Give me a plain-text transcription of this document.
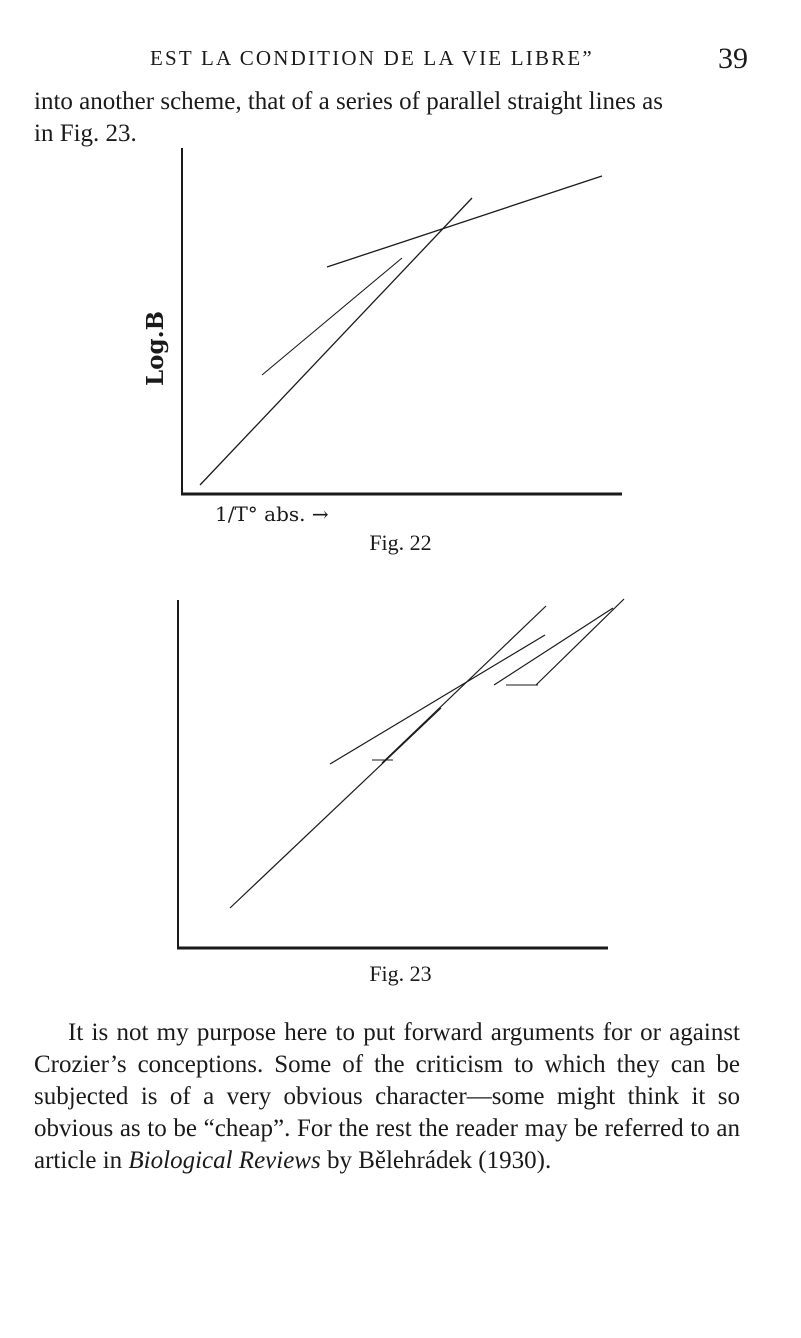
EST LA CONDITION DE LA VIE LIBRE”	39
into another scheme, that of a series of parallel straight lines as
in Fig. 23.
Log.B
1/T° abs. →
Fig. 22
Fig. 23
It is not my purpose here to put forward arguments for or against Crozier’s conceptions. Some of the criticism to which they can be subjected is of a very obvious character—some might think it so obvious as to be “cheap”. For the rest the reader may be referred to an article in Biological Reviews by Bělehrádek (1930).
